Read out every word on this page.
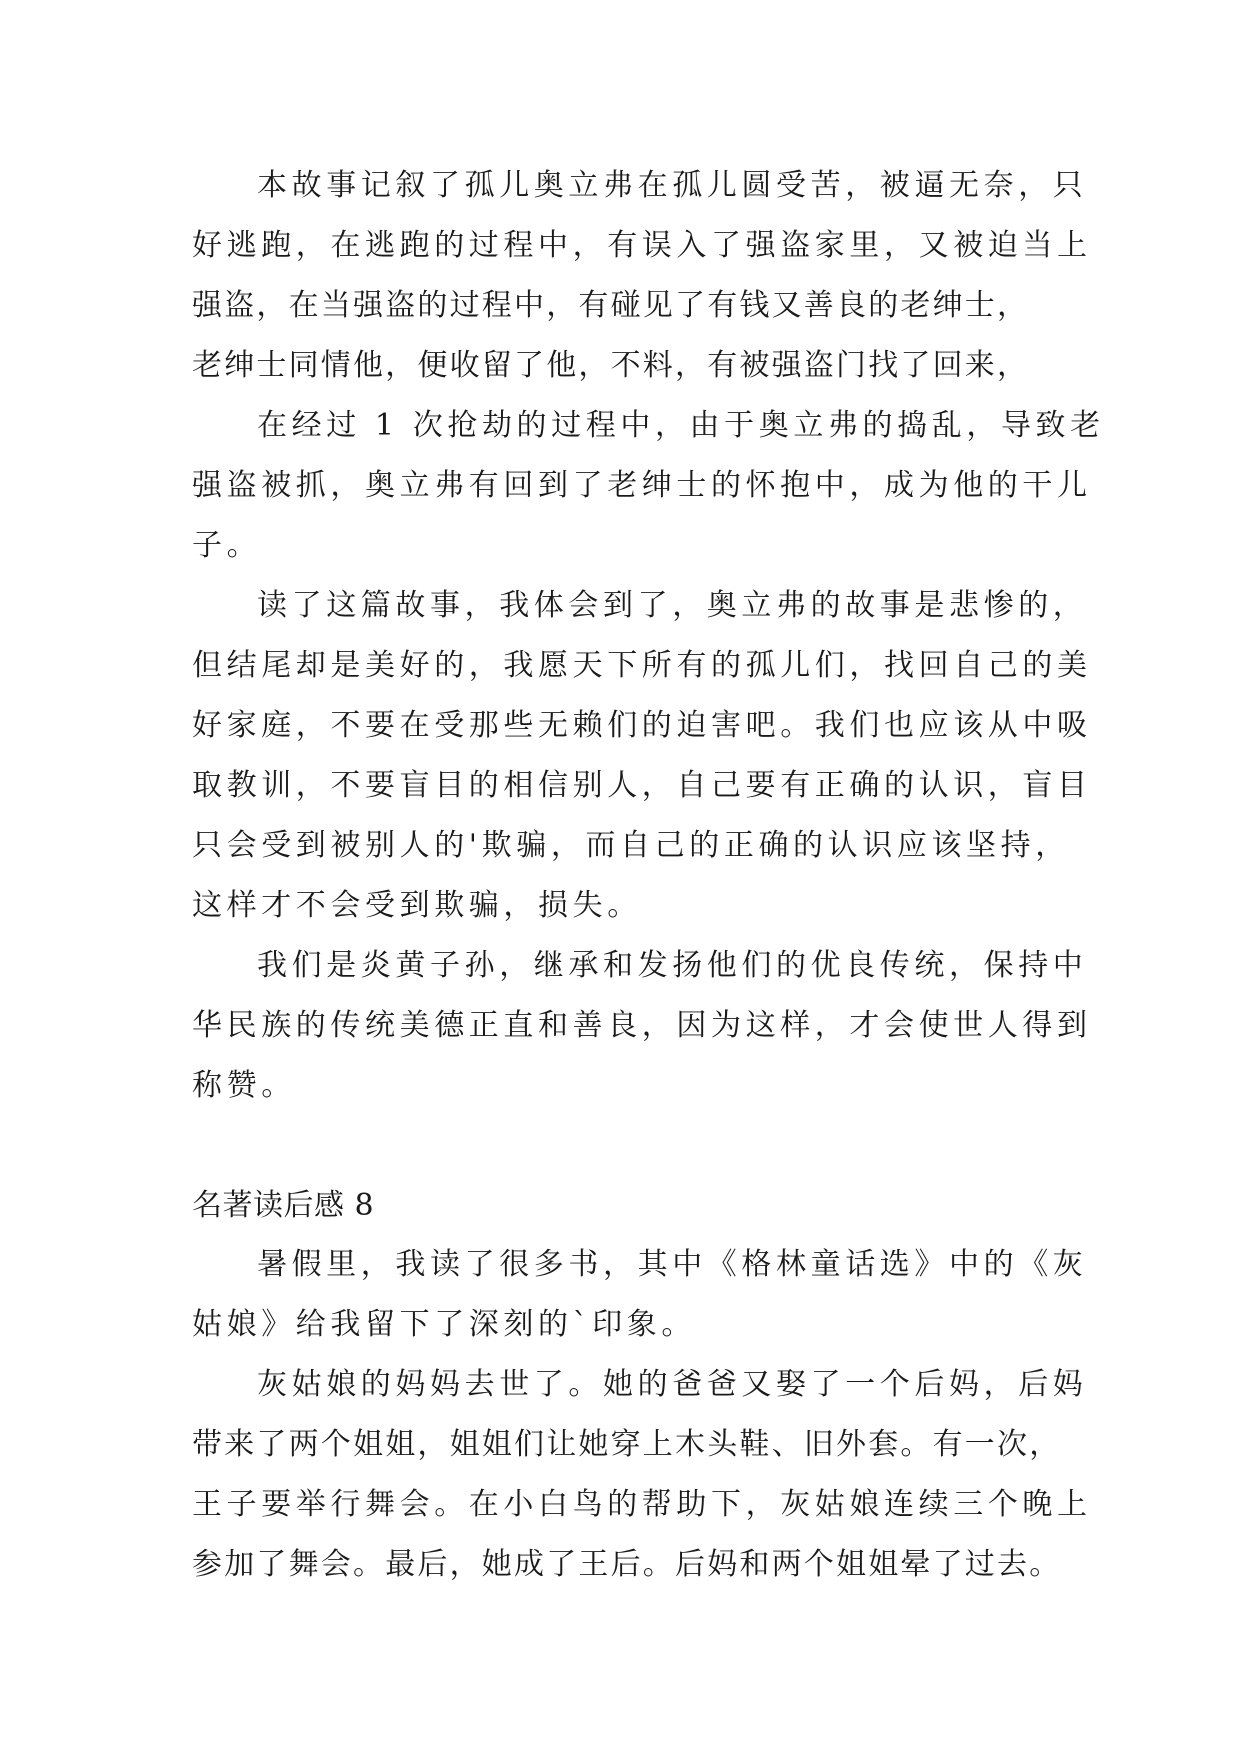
本故事记叙了孤儿奥立弗在孤儿圆受苦，被逼无奈，只
好逃跑，在逃跑的过程中，有误入了强盗家里，又被迫当上
强盗，在当强盗的过程中，有碰见了有钱又善良的老绅士，
老绅士同情他，便收留了他，不料，有被强盗门找了回来，
在经过 1 次抢劫的过程中，由于奥立弗的捣乱，导致老
强盗被抓，奥立弗有回到了老绅士的怀抱中，成为他的干儿
子。
读了这篇故事，我体会到了，奥立弗的故事是悲惨的，
但结尾却是美好的，我愿天下所有的孤儿们，找回自己的美
好家庭，不要在受那些无赖们的迫害吧。我们也应该从中吸
取教训，不要盲目的相信别人，自己要有正确的认识，盲目
只会受到被别人的'欺骗，而自己的正确的认识应该坚持，
这样才不会受到欺骗，损失。
我们是炎黄子孙，继承和发扬他们的优良传统，保持中
华民族的传统美德正直和善良，因为这样，才会使世人得到
称赞。
名著读后感 8
暑假里，我读了很多书，其中《格林童话选》中的《灰
姑娘》给我留下了深刻的`印象。
灰姑娘的妈妈去世了。她的爸爸又娶了一个后妈，后妈
带来了两个姐姐，姐姐们让她穿上木头鞋、旧外套。有一次，
王子要举行舞会。在小白鸟的帮助下，灰姑娘连续三个晚上
参加了舞会。最后，她成了王后。后妈和两个姐姐晕了过去。
